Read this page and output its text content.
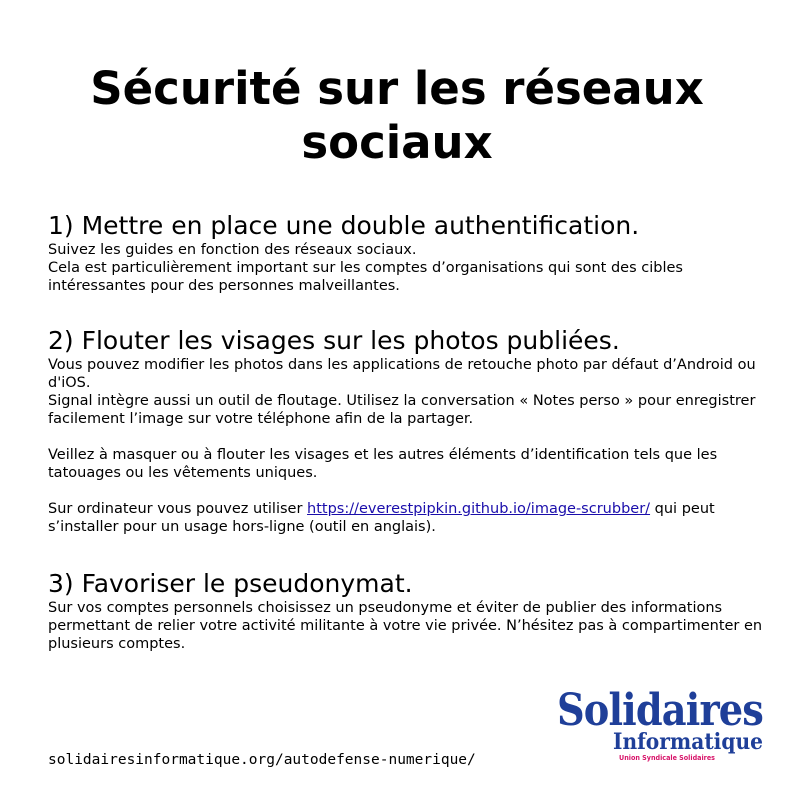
Sécurité sur les réseaux sociaux
1) Mettre en place une double authentification.

Suivez les guides en fonction des réseaux sociaux.

Cela est particulièrement important sur les comptes d’organisations qui sont des cibles intéressantes pour des personnes malveillantes.

2) Flouter les visages sur les photos publiées.

Vous pouvez modifier les photos dans les applications de retouche photo par défaut d’Android ou d'iOS.

Signal intègre aussi un outil de floutage. Utilisez la conversation « Notes perso » pour enregistrer facilement l’image sur votre téléphone afin de la partager.

Veillez à masquer ou à flouter les visages et les autres éléments d’identification tels que les tatouages ou les vêtements uniques.

Sur ordinateur vous pouvez utiliser https://everestpipkin.github.io/image-scrubber/ qui peut s’installer pour un usage hors-ligne (outil en anglais).

3) Favoriser le pseudonymat.

Sur vos comptes personnels choisissez un pseudonyme et éviter de publier des informations permettant de relier votre activité militante à votre vie privée. N’hésitez pas à compartimenter en plusieurs comptes.

solidairesinformatique.org/autodefense-numerique/
Solidaires
Informatique
Union Syndicale Solidaires
